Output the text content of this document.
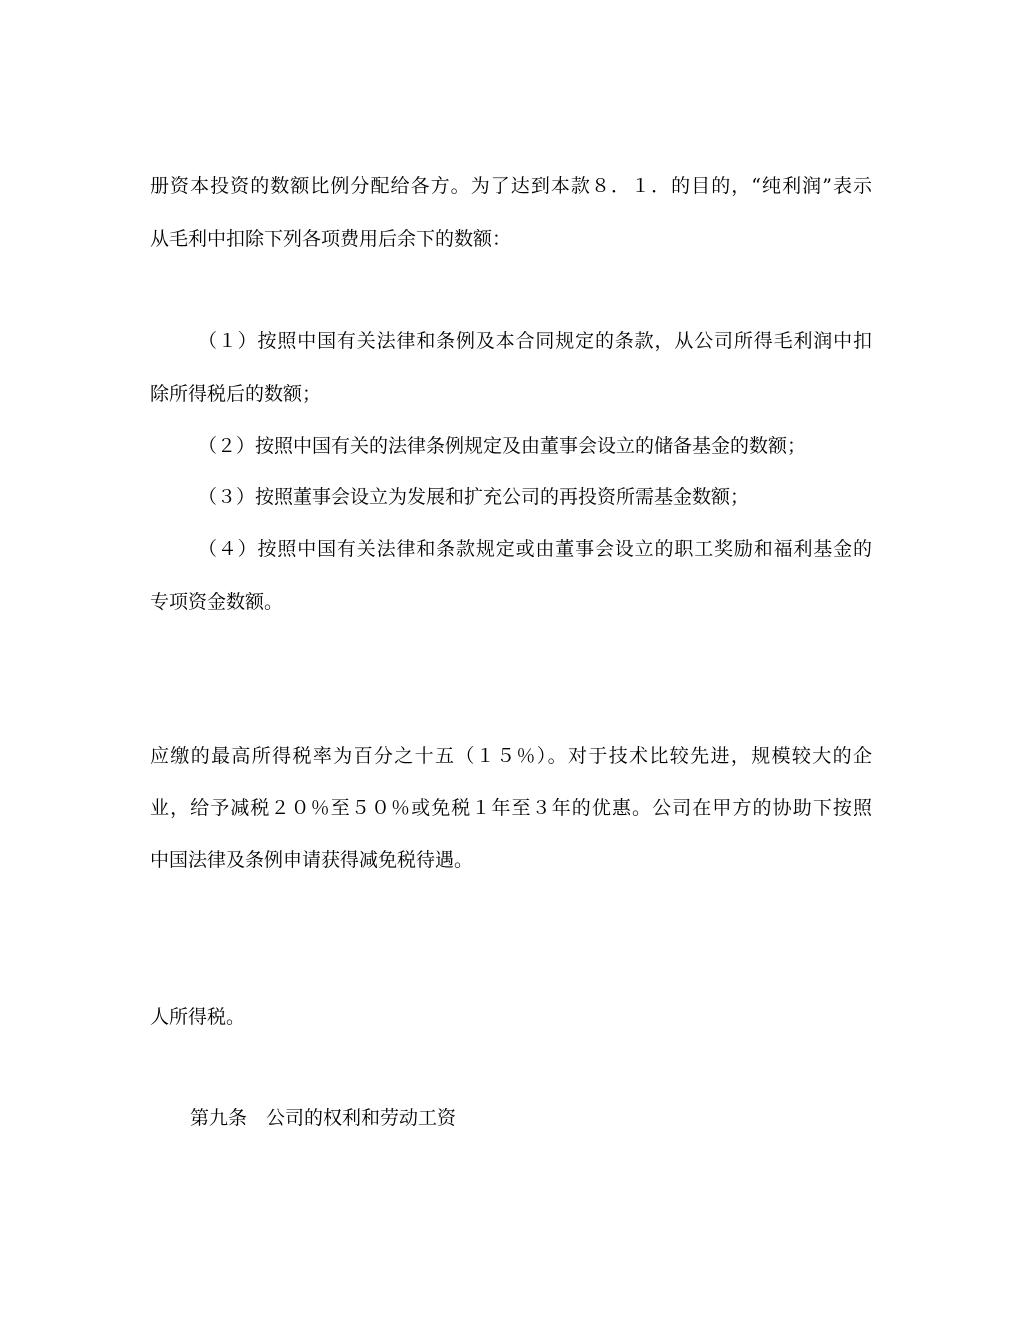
册资本投资的数额比例分配给各方。为了达到本款８．１．的目的，“纯利润”表示
从毛利中扣除下列各项费用后余下的数额：
（１）按照中国有关法律和条例及本合同规定的条款，从公司所得毛利润中扣
除所得税后的数额；
（２）按照中国有关的法律条例规定及由董事会设立的储备基金的数额；
（３）按照董事会设立为发展和扩充公司的再投资所需基金数额；
（４）按照中国有关法律和条款规定或由董事会设立的职工奖励和福利基金的
专项资金数额。
应缴的最高所得税率为百分之十五（１５％）。对于技术比较先进，规模较大的企
业，给予减税２０％至５０％或免税１年至３年的优惠。公司在甲方的协助下按照
中国法律及条例申请获得减免税待遇。
人所得税。
第九条　公司的权利和劳动工资
